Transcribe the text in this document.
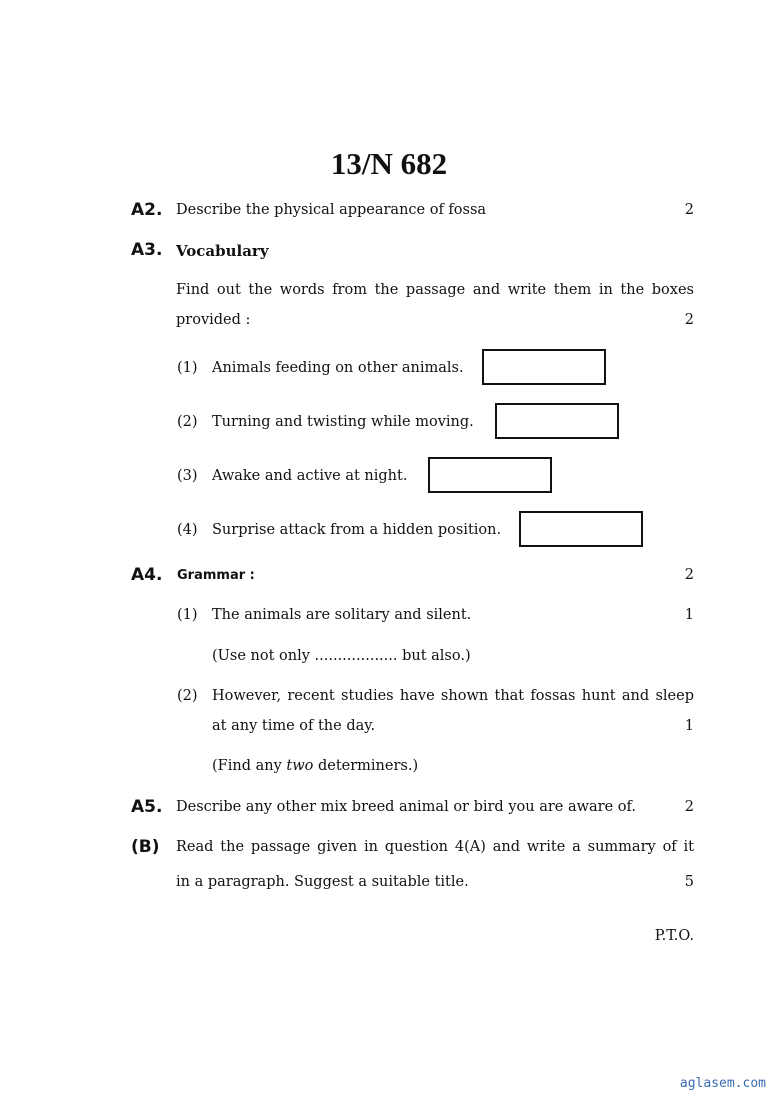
13/N 682
A2. Describe the physical appearance of fossa	2
A3. Vocabulary
Find out the words from the passage and write them in the boxes
provided :	2
(1) Animals feeding on other animals.
(2) Turning and twisting while moving.
(3) Awake and active at night.
(4) Surprise attack from a hidden position.
A4. Grammar :	2
(1) The animals are solitary and silent.	1
(Use not only .................. but also.)
(2) However, recent studies have shown that fossas hunt and sleep
at any time of the day.	1
(Find any two determiners.)
A5. Describe any other mix breed animal or bird you are aware of.	2
(B) Read the passage given in question 4(A) and write a summary of it
in a paragraph. Suggest a suitable title.	5
P.T.O.
aglasem.com
